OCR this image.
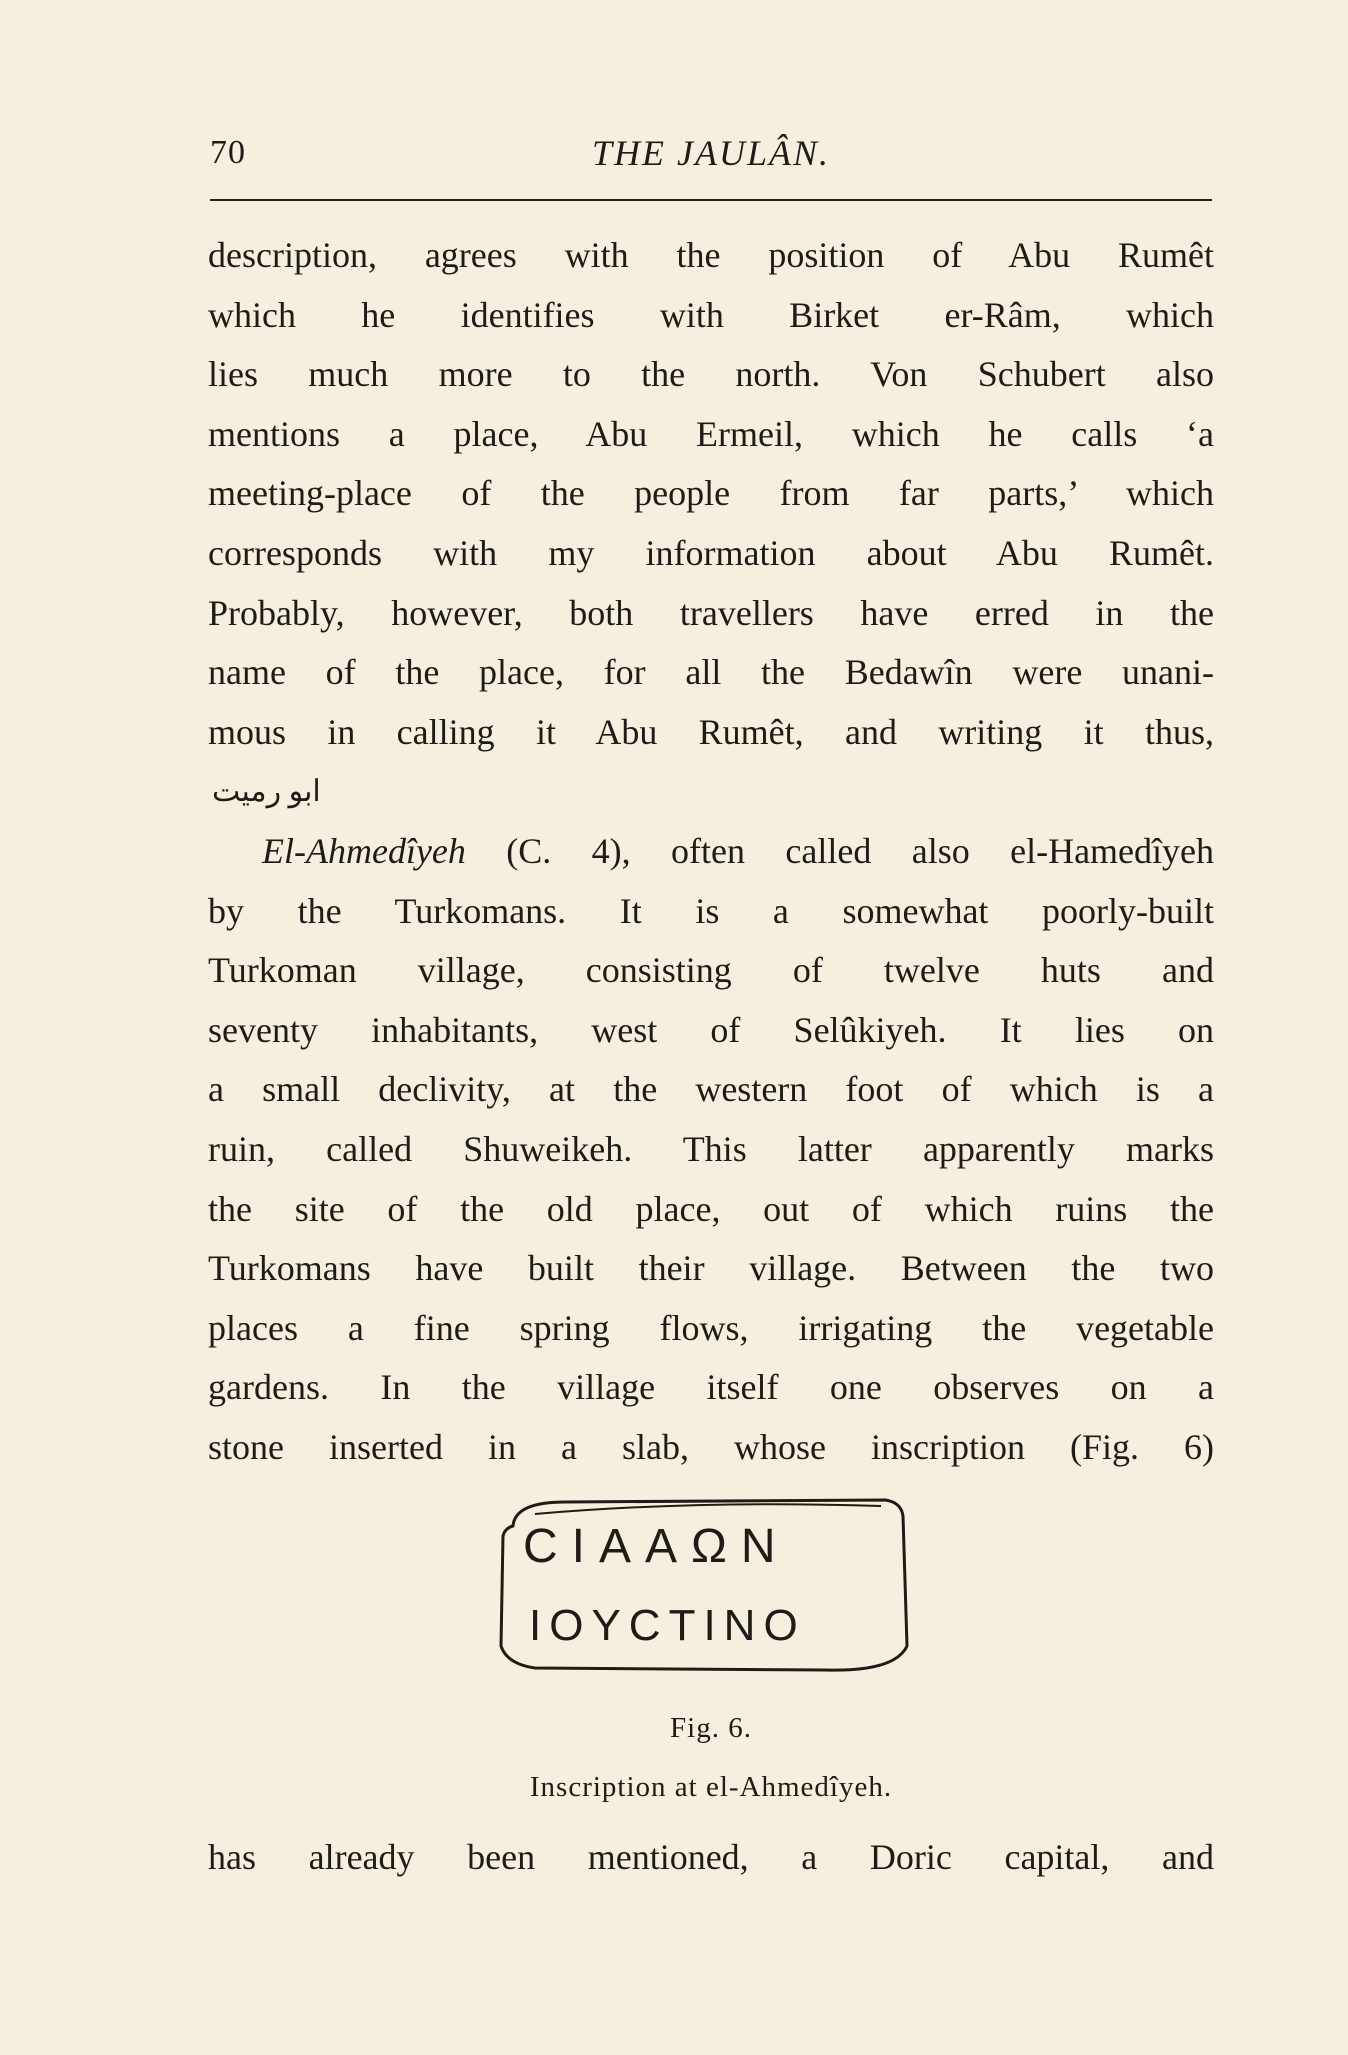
70	THE JAULÂN.
description, agrees with the position of Abu Rumêt
which he identifies with Birket er-Râm, which
lies much more to the north. Von Schubert also
mentions a place, Abu Ermeil, which he calls ‘a
meeting-place of the people from far parts,’ which
corresponds with my information about Abu Rumêt.
Probably, however, both travellers have erred in the
name of the place, for all the Bedawîn were unani-
mous in calling it Abu Rumêt, and writing it thus,
ابو رميت
El-Ahmedîyeh (C. 4), often called also el-Hamedîyeh
by the Turkomans. It is a somewhat poorly-built
Turkoman village, consisting of twelve huts and
seventy inhabitants, west of Selûkiyeh. It lies on
a small declivity, at the western foot of which is a
ruin, called Shuweikeh. This latter apparently marks
the site of the old place, out of which ruins the
Turkomans have built their village. Between the two
places a fine spring flows, irrigating the vegetable
gardens. In the village itself one observes on a
stone inserted in a slab, whose inscription (Fig. 6)
CIAAΩN
IOYCTINO
Fig. 6.
Inscription at el-Ahmedîyeh.
has already been mentioned, a Doric capital, and
